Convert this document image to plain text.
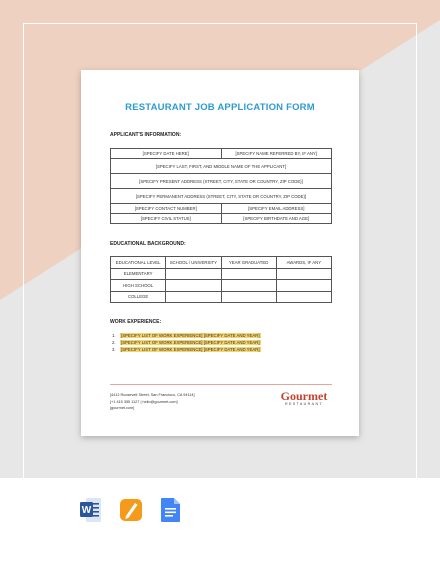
RESTAURANT JOB APPLICATION FORM
APPLICANT'S INFORMATION:
[SPECIFY DATE HERE]	[SPECIFY NAME REFERRED BY, IF ANY]
[SPECIFY LAST, FIRST, AND MIDDLE NAME OF THE APPLICANT]	
[SPECIFY PRESENT ADDRESS (STREET, CITY, STATE OR COUNTRY, ZIP CODE)]	
[SPECIFY PERMANENT ADDRESS (STREET, CITY, STATE OR COUNTRY, ZIP CODE)]	
[SPECIFY CONTACT NUMBER]	[SPECIFY EMAIL ADDRESS]
[SPECIFY CIVIL STATUS]	[SPECIFY BIRTHDATE AND AGE]
EDUCATIONAL BACKGROUND:
EDUCATIONAL LEVEL	SCHOOL / UNIVERSITY	YEAR GRADUATED	AWARDS, IF ANY
ELEMENTARY			
HIGH SCHOOL			
COLLEGE			
WORK EXPERIENCE:
1. [SPECIFY LIST OF WORK EXPERIENCE] [SPECIFY DATE AND YEAR]
2. [SPECIFY LIST OF WORK EXPERIENCE] [SPECIFY DATE AND YEAR]
3. [SPECIFY LIST OF WORK EXPERIENCE] [SPECIFY DATE AND YEAR]
[4412 Roosevelt Street, San Francisco, CA 94114]
[+1 415 355 1127 | hello@gourmet.com]
[gourmet.com]
Gourmet
RESTAURANT
W
